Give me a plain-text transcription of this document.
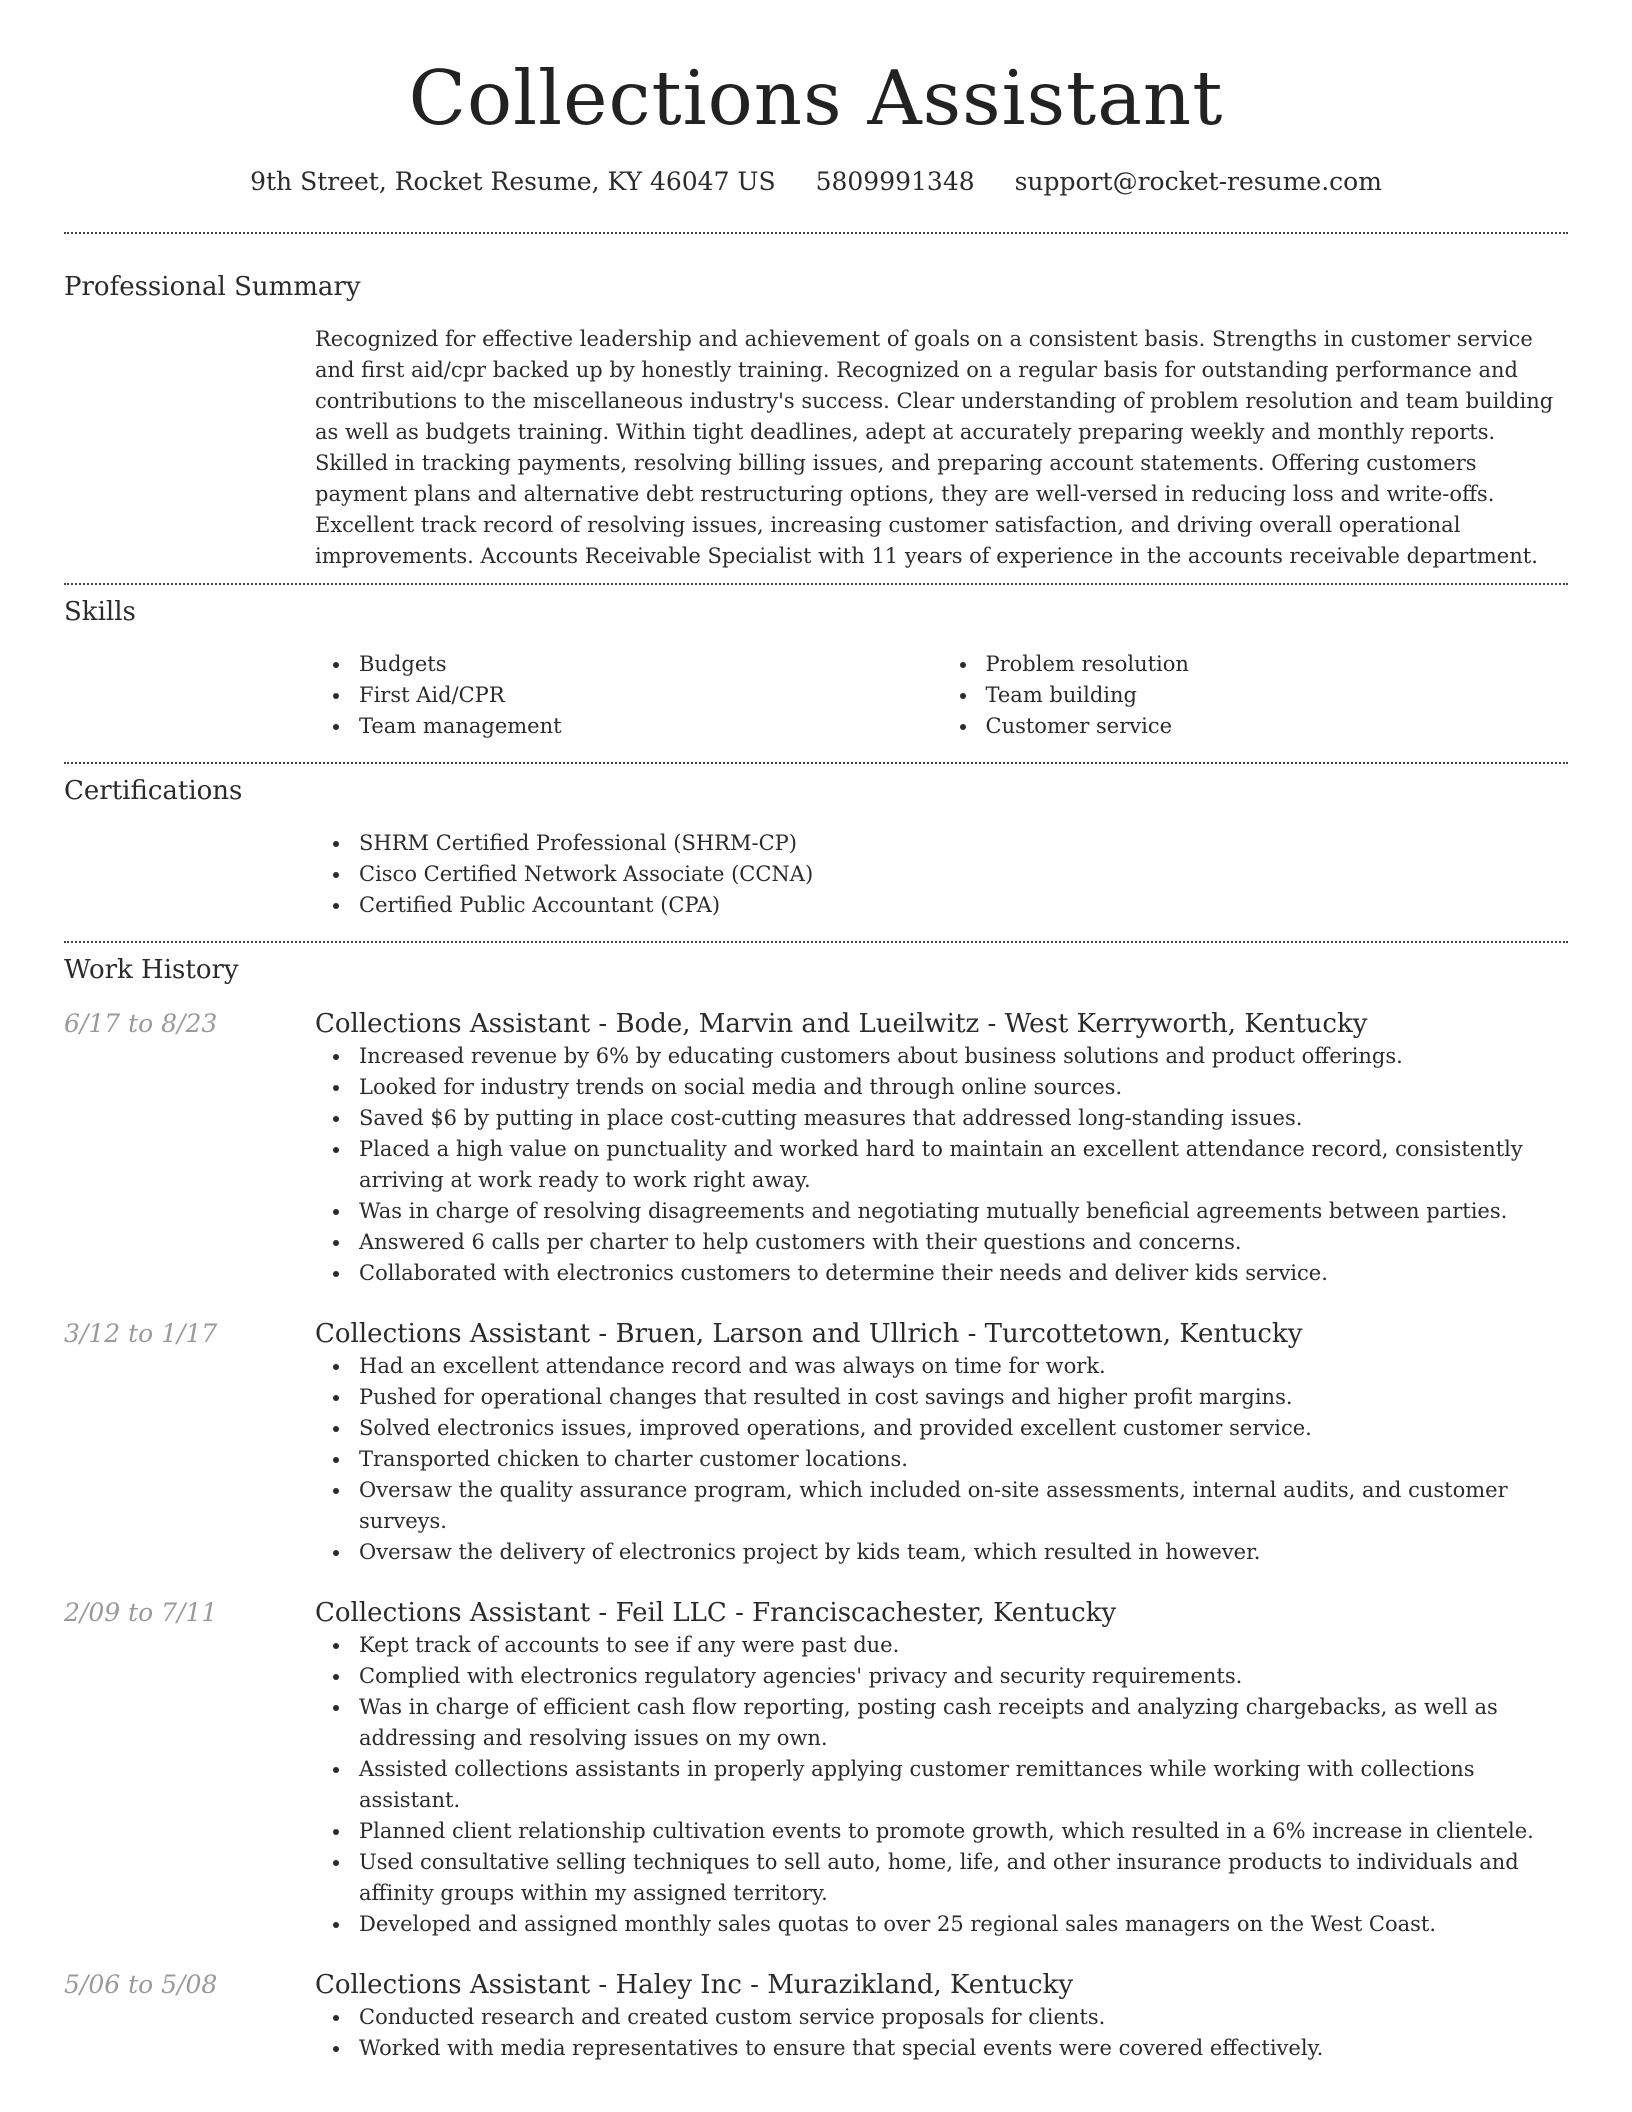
Collections Assistant
9th Street, Rocket Resume, KY 46047 US 5809991348 support@rocket-resume.com
Professional Summary

Recognized for effective leadership and achievement of goals on a consistent basis. Strengths in customer service and first aid/cpr backed up by honestly training. Recognized on a regular basis for outstanding performance and contributions to the miscellaneous industry's success. Clear understanding of problem resolution and team building as well as budgets training. Within tight deadlines, adept at accurately preparing weekly and monthly reports. Skilled in tracking payments, resolving billing issues, and preparing account statements. Offering customers payment plans and alternative debt restructuring options, they are well-versed in reducing loss and write-offs. Excellent track record of resolving issues, increasing customer satisfaction, and driving overall operational improvements. Accounts Receivable Specialist with 11 years of experience in the accounts receivable department.

Skills
Budgets
First Aid/CPR
Team management
Problem resolution
Team building
Customer service
Certifications
SHRM Certified Professional (SHRM-CP)
Cisco Certified Network Associate (CCNA)
Certified Public Accountant (CPA)
Work History
6/17 to 8/23	Collections Assistant - Bode, Marvin and Lueilwitz - West Kerryworth, Kentucky
Increased revenue by 6% by educating customers about business solutions and product offerings.
Looked for industry trends on social media and through online sources.
Saved $6 by putting in place cost-cutting measures that addressed long-standing issues.
Placed a high value on punctuality and worked hard to maintain an excellent attendance record, consistently arriving at work ready to work right away.
Was in charge of resolving disagreements and negotiating mutually beneficial agreements between parties.
Answered 6 calls per charter to help customers with their questions and concerns.
Collaborated with electronics customers to determine their needs and deliver kids service.
3/12 to 1/17	Collections Assistant - Bruen, Larson and Ullrich - Turcottetown, Kentucky
Had an excellent attendance record and was always on time for work.
Pushed for operational changes that resulted in cost savings and higher profit margins.
Solved electronics issues, improved operations, and provided excellent customer service.
Transported chicken to charter customer locations.
Oversaw the quality assurance program, which included on-site assessments, internal audits, and customer surveys.
Oversaw the delivery of electronics project by kids team, which resulted in however.
2/09 to 7/11	Collections Assistant - Feil LLC - Franciscachester, Kentucky
Kept track of accounts to see if any were past due.
Complied with electronics regulatory agencies' privacy and security requirements.
Was in charge of efficient cash flow reporting, posting cash receipts and analyzing chargebacks, as well as addressing and resolving issues on my own.
Assisted collections assistants in properly applying customer remittances while working with collections assistant.
Planned client relationship cultivation events to promote growth, which resulted in a 6% increase in clientele.
Used consultative selling techniques to sell auto, home, life, and other insurance products to individuals and affinity groups within my assigned territory.
Developed and assigned monthly sales quotas to over 25 regional sales managers on the West Coast.
5/06 to 5/08	Collections Assistant - Haley Inc - Murazikland, Kentucky
Conducted research and created custom service proposals for clients.
Worked with media representatives to ensure that special events were covered effectively.
